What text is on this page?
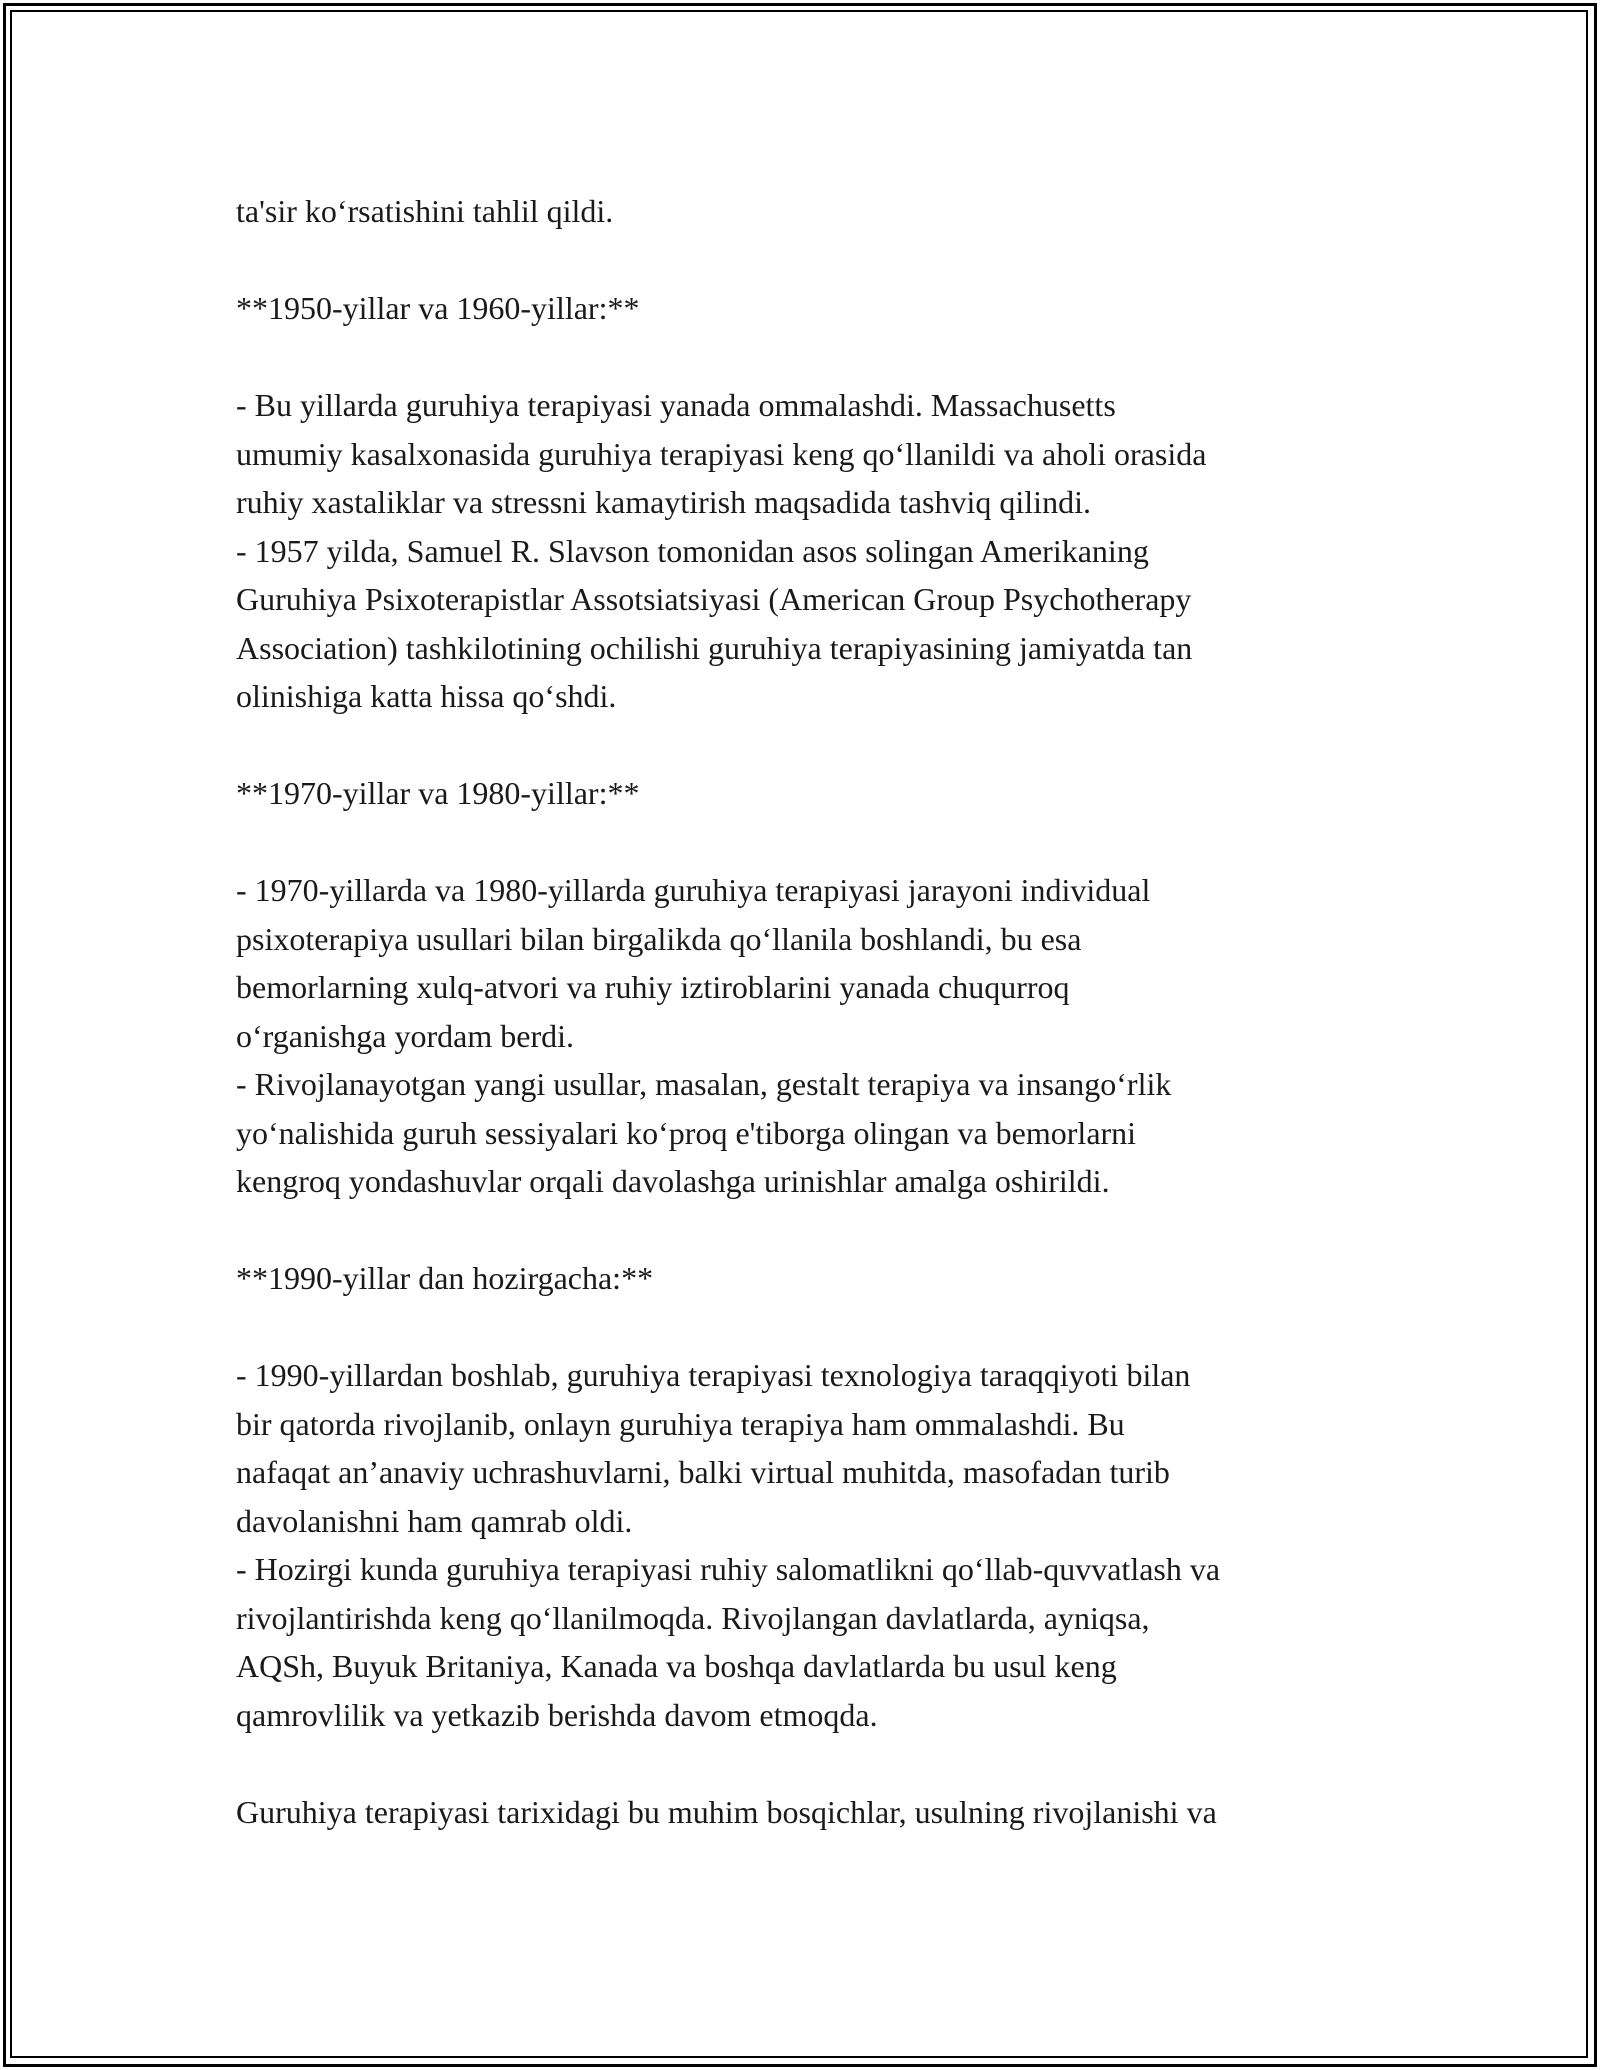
ta'sir ko‘rsatishini tahlil qildi.
**1950-yillar va 1960-yillar:**
- Bu yillarda guruhiya terapiyasi yanada ommalashdi. Massachusetts
umumiy kasalxonasida guruhiya terapiyasi keng qo‘llanildi va aholi orasida
ruhiy xastaliklar va stressni kamaytirish maqsadida tashviq qilindi.
- 1957 yilda, Samuel R. Slavson tomonidan asos solingan Amerikaning
Guruhiya Psixoterapistlar Assotsiatsiyasi (American Group Psychotherapy
Association) tashkilotining ochilishi guruhiya terapiyasining jamiyatda tan
olinishiga katta hissa qo‘shdi.
**1970-yillar va 1980-yillar:**
- 1970-yillarda va 1980-yillarda guruhiya terapiyasi jarayoni individual
psixoterapiya usullari bilan birgalikda qo‘llanila boshlandi, bu esa
bemorlarning xulq-atvori va ruhiy iztiroblarini yanada chuqurroq
o‘rganishga yordam berdi.
- Rivojlanayotgan yangi usullar, masalan, gestalt terapiya va insango‘rlik
yo‘nalishida guruh sessiyalari ko‘proq e'tiborga olingan va bemorlarni
kengroq yondashuvlar orqali davolashga urinishlar amalga oshirildi.
**1990-yillar dan hozirgacha:**
- 1990-yillardan boshlab, guruhiya terapiyasi texnologiya taraqqiyoti bilan
bir qatorda rivojlanib, onlayn guruhiya terapiya ham ommalashdi. Bu
nafaqat an’anaviy uchrashuvlarni, balki virtual muhitda, masofadan turib
davolanishni ham qamrab oldi.
- Hozirgi kunda guruhiya terapiyasi ruhiy salomatlikni qo‘llab-quvvatlash va
rivojlantirishda keng qo‘llanilmoqda. Rivojlangan davlatlarda, ayniqsa,
AQSh, Buyuk Britaniya, Kanada va boshqa davlatlarda bu usul keng
qamrovlilik va yetkazib berishda davom etmoqda.
Guruhiya terapiyasi tarixidagi bu muhim bosqichlar, usulning rivojlanishi va
